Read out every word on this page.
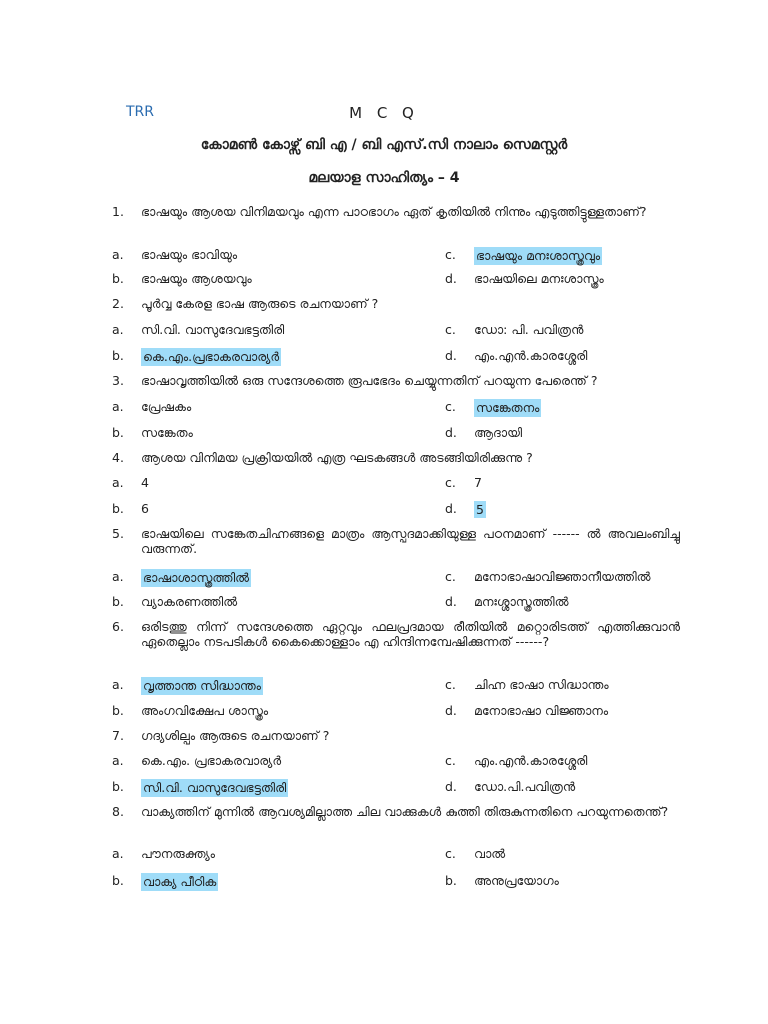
TRR	M C Q
കോമൺ കോഴ്സ് ബി എ / ബി എസ്.സി നാലാം സെമസ്റ്റർ
മലയാള സാഹിത്യം – 4
1. ഭാഷയും ആശയ വിനിമയവും എന്ന പാഠഭാഗം ഏത് കൃതിയിൽ നിന്നും എടുത്തിട്ടുള്ളതാണ്?
a. ഭാഷയും ഭാവിയും
b. ഭാഷയും ആശയവും
c. ഭാഷയും മനഃശാസ്ത്രവും
d. ഭാഷയിലെ മനഃശാസ്ത്രം
2. പൂർവ്വ കേരള ഭാഷ ആരുടെ രചനയാണ് ?
a. സി.വി. വാസുദേവഭട്ടതിരി
b. കെ.എം.പ്രഭാകരവാര്യർ
c. ഡോ: പി. പവിത്രൻ
d. എം.എൻ.കാരശ്ശേരി
3. ഭാഷാവൃത്തിയിൽ ഒരു സന്ദേശത്തെ രൂപഭേദം ചെയ്യുന്നതിന് പറയുന്ന പേരെന്ത് ?
a. പ്രേഷകം
b. സങ്കേതം
c. സങ്കേതനം
d. ആദായി
4. ആശയ വിനിമയ പ്രക്രിയയിൽ എത്ര ഘടകങ്ങൾ അടങ്ങിയിരിക്കുന്നു ?
a. 4
b. 6
c. 7
d. 5
5. ഭാഷയിലെ സങ്കേതചിഹ്നങ്ങളെ മാത്രം ആസ്പദമാക്കിയുള്ള പഠനമാണ് ------ ൽ അവലംബിച്ചു വരുന്നത്.
a. ഭാഷാശാസ്ത്രത്തിൽ
b. വ്യാകരണത്തിൽ
c. മനോഭാഷാവിജ്ഞാനീയത്തിൽ
d. മനഃശ്ശാസ്ത്രത്തിൽ
6. ഒരിടത്തു നിന്ന് സന്ദേശത്തെ ഏറ്റവും ഫലപ്രദമായ രീതിയിൽ മറ്റൊരിടത്ത് എത്തിക്കുവാൻ ഏതെല്ലാം നടപടികൾ കൈക്കൊള്ളാം എ ഹിന്ദിന്നമ്പേഷിക്കുന്നത് ------?
a. വൃത്താന്ത സിദ്ധാന്തം
b. അംഗവിക്ഷേപ ശാസ്ത്രം
c. ചിഹ്ന ഭാഷാ സിദ്ധാന്തം
d. മനോഭാഷാ വിജ്ഞാനം
7. ഗദ്യശില്പം ആരുടെ രചനയാണ് ?
a. കെ.എം. പ്രഭാകരവാര്യർ
b. സി.വി. വാസുദേവഭട്ടതിരി
c. എം.എൻ.കാരശ്ശേരി
d. ഡോ.പി.പവിത്രൻ
8. വാക്യത്തിന് മുന്നിൽ ആവശ്യമില്ലാത്ത ചില വാക്കുകൾ കുത്തി തിരുകുന്നതിനെ പറയുന്നതെന്ത്?
a. പൗനരുക്ത്യം
b. വാക്യ പീഠിക
c. വാൽ
b. അനുപ്രയോഗം
